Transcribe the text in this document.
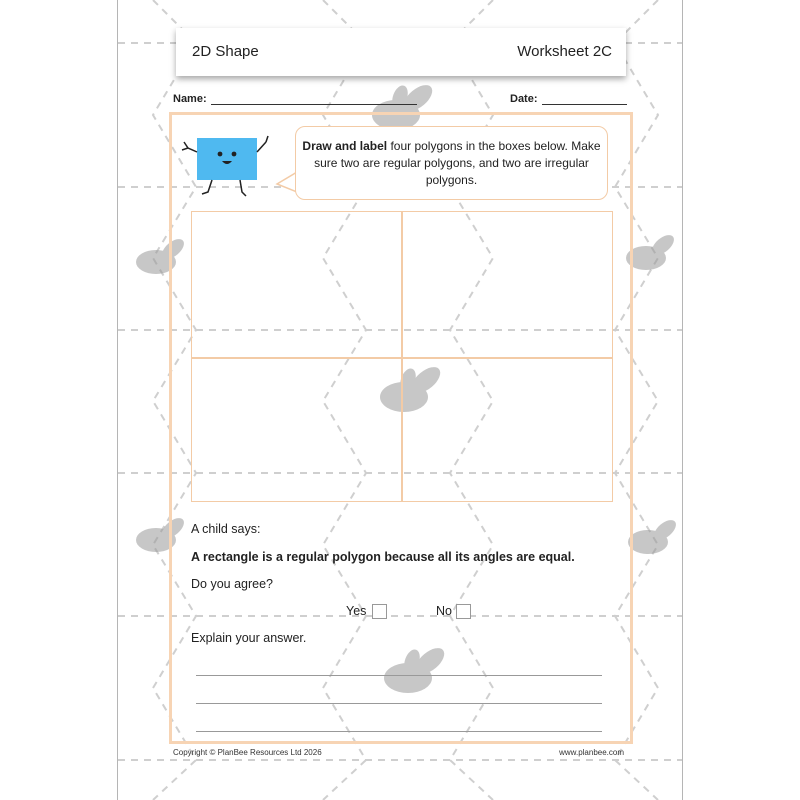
2D Shape	Worksheet 2C
Name:	Date:
Draw and label four polygons in the boxes below. Make sure two are regular polygons, and two are irregular polygons.
A child says:
A rectangle is a regular polygon because all its angles are equal.
Do you agree?
Yes	No
Explain your answer.
Copyright © PlanBee Resources Ltd 2026	www.planbee.com
